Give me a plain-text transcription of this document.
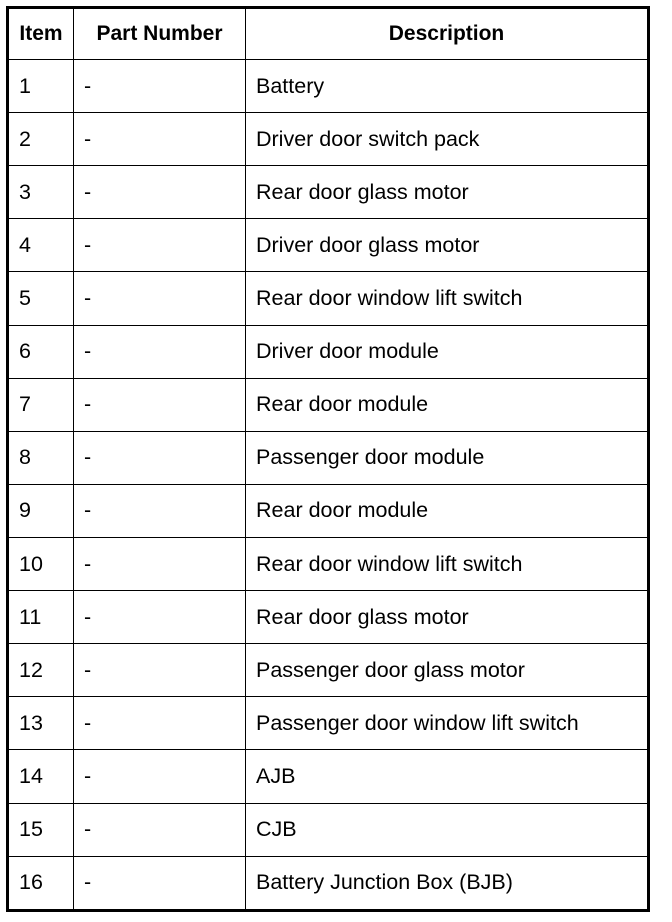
Item	Part Number	Description
1	-	Battery
2	-	Driver door switch pack
3	-	Rear door glass motor
4	-	Driver door glass motor
5	-	Rear door window lift switch
6	-	Driver door module
7	-	Rear door module
8	-	Passenger door module
9	-	Rear door module
10	-	Rear door window lift switch
11	-	Rear door glass motor
12	-	Passenger door glass motor
13	-	Passenger door window lift switch
14	-	AJB
15	-	CJB
16	-	Battery Junction Box (BJB)
